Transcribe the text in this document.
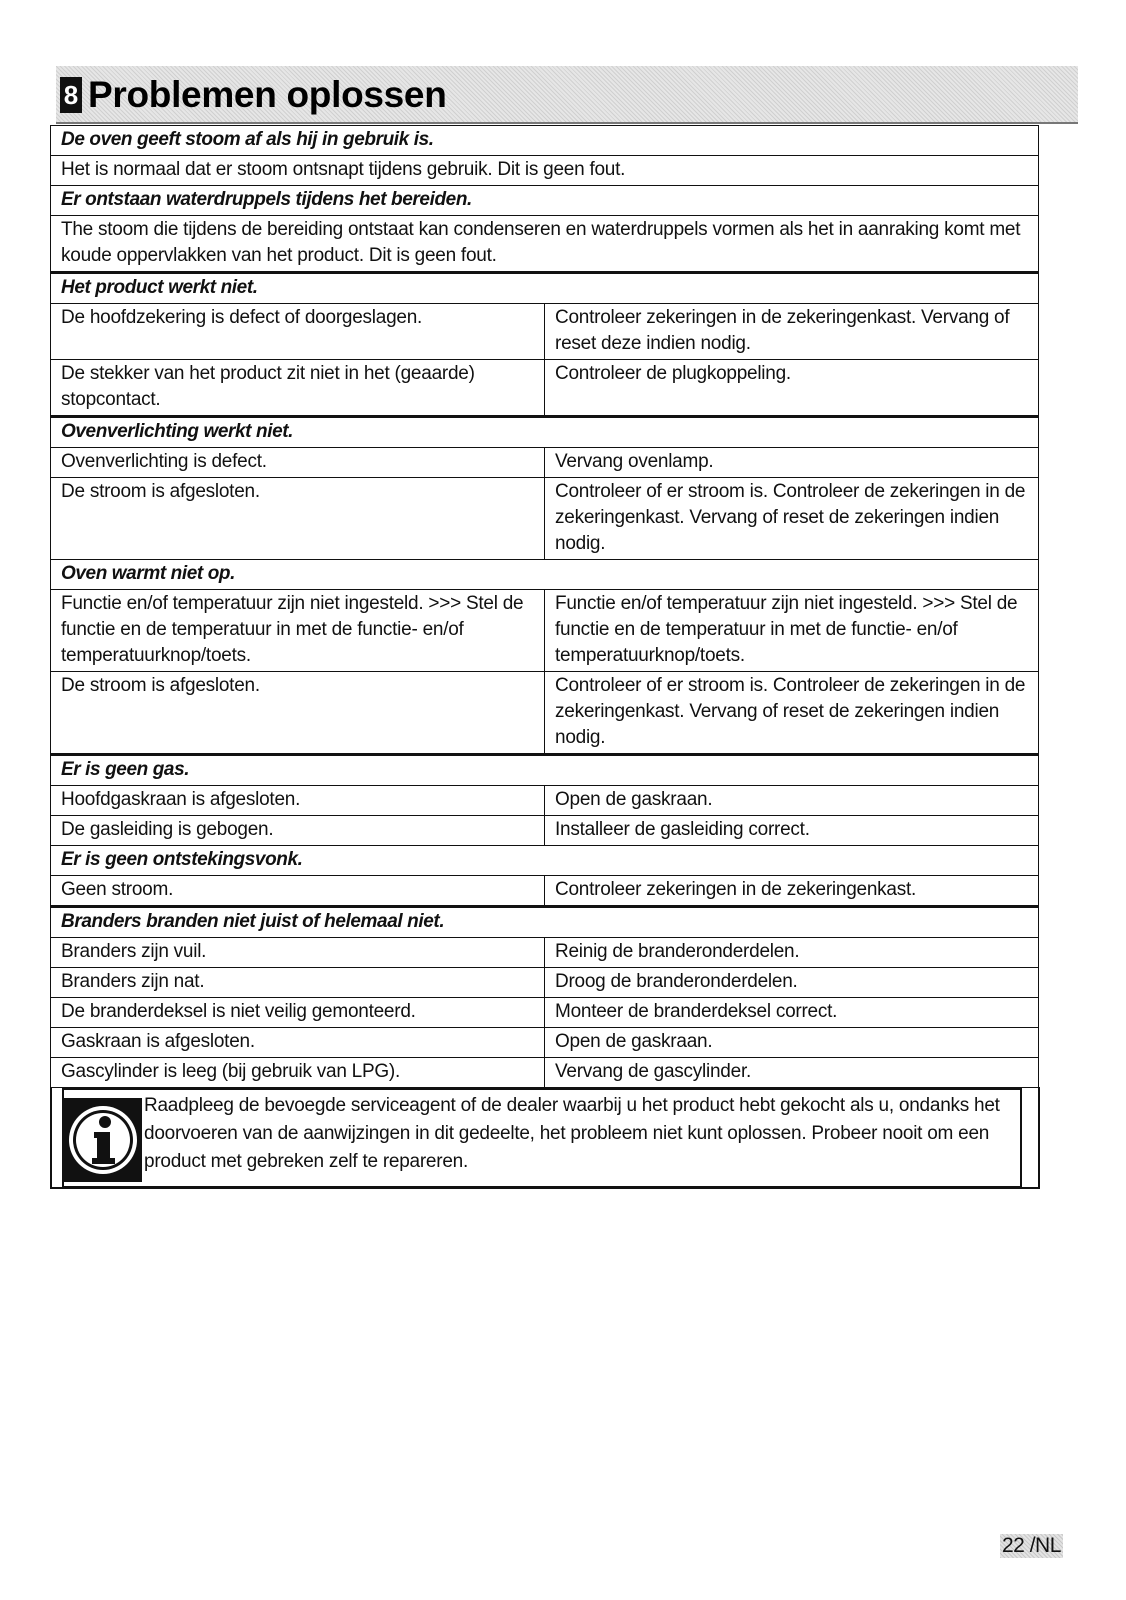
8 Problemen oplossen
De oven geeft stoom af als hij in gebruik is.	
Het is normaal dat er stoom ontsnapt tijdens gebruik. Dit is geen fout.	
Er ontstaan waterdruppels tijdens het bereiden.	
The stoom die tijdens de bereiding ontstaat kan condenseren en waterdruppels vormen als het in aanraking komt met koude oppervlakken van het product. Dit is geen fout.	
Het product werkt niet.	
De hoofdzekering is defect of doorgeslagen.	Controleer zekeringen in de zekeringenkast. Vervang of reset deze indien nodig.
De stekker van het product zit niet in het (geaarde) stopcontact.	Controleer de plugkoppeling.
Ovenverlichting werkt niet.	
Ovenverlichting is defect.	Vervang ovenlamp.
De stroom is afgesloten.	Controleer of er stroom is. Controleer de zekeringen in de zekeringenkast. Vervang of reset de zekeringen indien nodig.
Oven warmt niet op.	
Functie en/of temperatuur zijn niet ingesteld. >>> Stel de functie en de temperatuur in met de functie- en/of temperatuurknop/toets.	Functie en/of temperatuur zijn niet ingesteld. >>> Stel de functie en de temperatuur in met de functie- en/of temperatuurknop/toets.
De stroom is afgesloten.	Controleer of er stroom is. Controleer de zekeringen in de zekeringenkast. Vervang of reset de zekeringen indien nodig.
Er is geen gas.	
Hoofdgaskraan is afgesloten.	Open de gaskraan.
De gasleiding is gebogen.	Installeer de gasleiding correct.
Er is geen ontstekingsvonk.	
Geen stroom.	Controleer zekeringen in de zekeringenkast.
Branders branden niet juist of helemaal niet.	
Branders zijn vuil.	Reinig de branderonderdelen.
Branders zijn nat.	Droog de branderonderdelen.
De branderdeksel is niet veilig gemonteerd.	Monteer de branderdeksel correct.
Gaskraan is afgesloten.	Open de gaskraan.
Gascylinder is leeg (bij gebruik van LPG).	Vervang de gascylinder.
Raadpleeg de bevoegde serviceagent of de dealer waarbij u het product hebt gekocht als u, ondanks het doorvoeren van de aanwijzingen in dit gedeelte, het probleem niet kunt oplossen. Probeer nooit om een product met gebreken zelf te repareren.
22 /NL
